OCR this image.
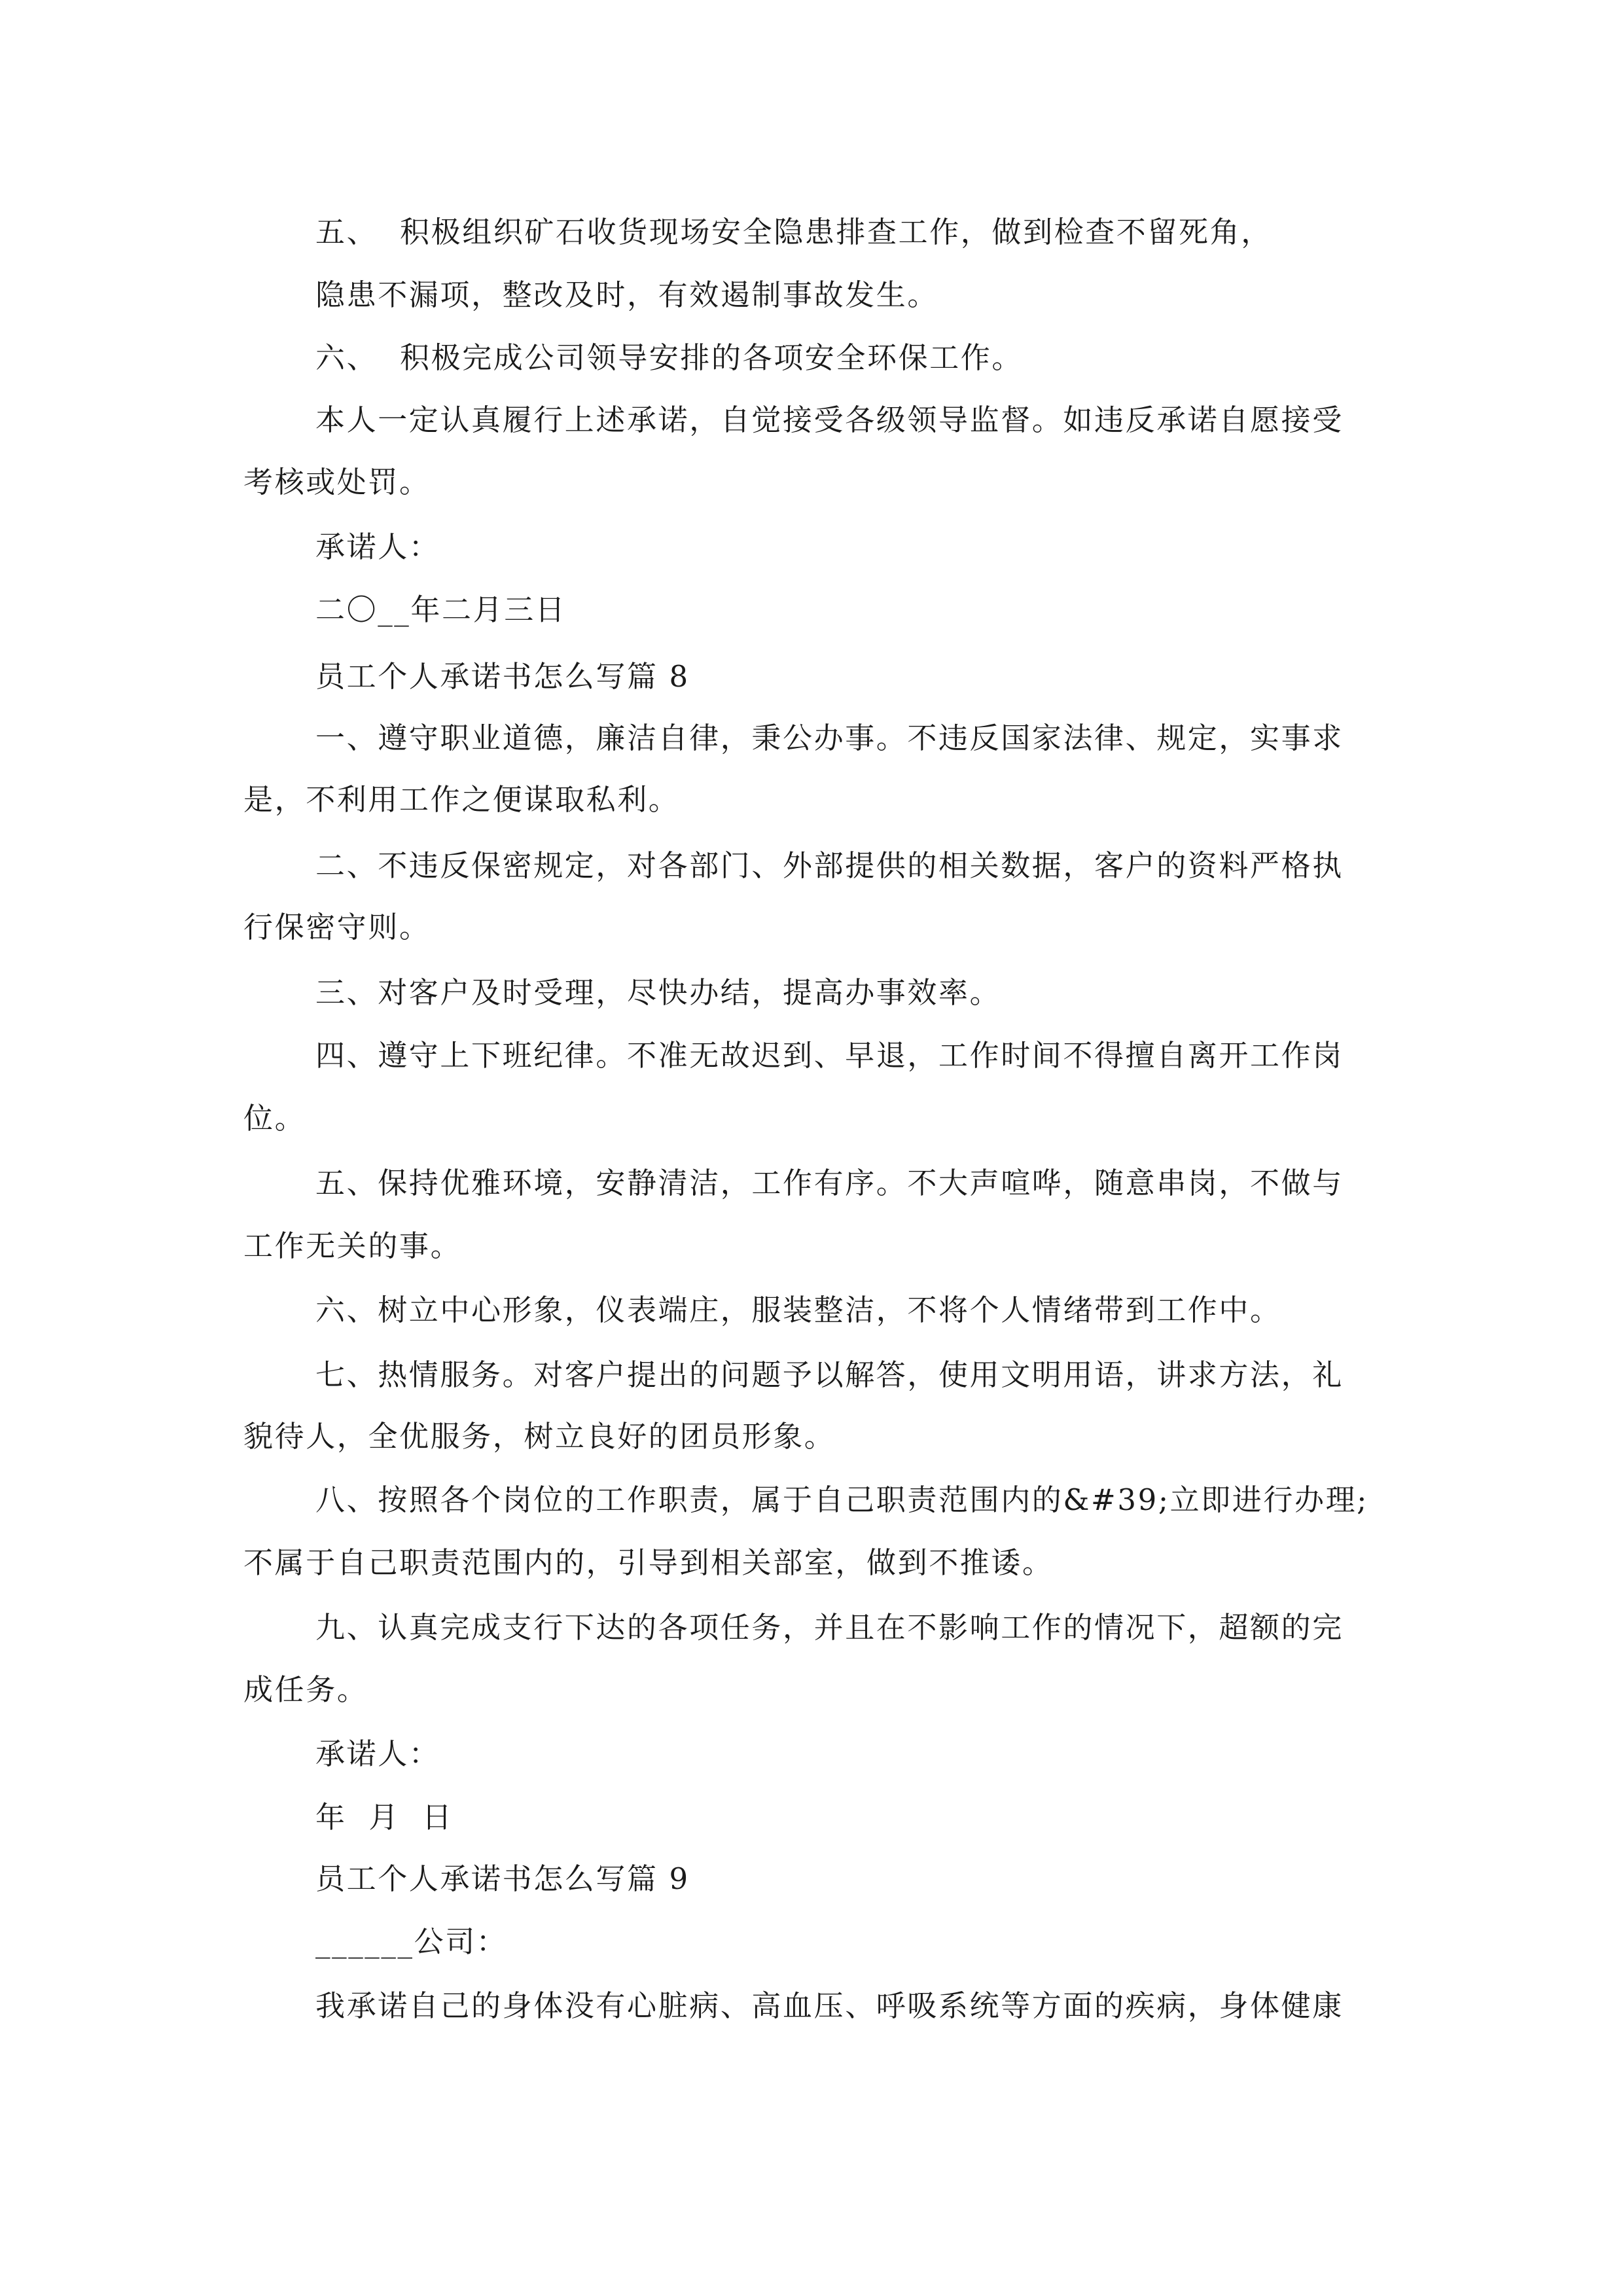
五、  积极组织矿石收货现场安全隐患排查工作，做到检查不留死角，
隐患不漏项，整改及时，有效遏制事故发生。
六、  积极完成公司领导安排的各项安全环保工作。
本人一定认真履行上述承诺，自觉接受各级领导监督。如违反承诺自愿接受
考核或处罚。
承诺人：
二〇__年二月三日
员工个人承诺书怎么写篇 8
一、遵守职业道德，廉洁自律，秉公办事。不违反国家法律、规定，实事求
是，不利用工作之便谋取私利。
二、不违反保密规定，对各部门、外部提供的相关数据，客户的资料严格执
行保密守则。
三、对客户及时受理，尽快办结，提高办事效率。
四、遵守上下班纪律。不准无故迟到、早退，工作时间不得擅自离开工作岗
位。
五、保持优雅环境，安静清洁，工作有序。不大声喧哗，随意串岗，不做与
工作无关的事。
六、树立中心形象，仪表端庄，服装整洁，不将个人情绪带到工作中。
七、热情服务。对客户提出的问题予以解答，使用文明用语，讲求方法，礼
貌待人，全优服务，树立良好的团员形象。
八、按照各个岗位的工作职责，属于自己职责范围内的&#39;立即进行办理;
不属于自己职责范围内的，引导到相关部室，做到不推诿。
九、认真完成支行下达的各项任务，并且在不影响工作的情况下，超额的完
成任务。
承诺人：
年  月  日
员工个人承诺书怎么写篇 9
______公司：
我承诺自己的身体没有心脏病、高血压、呼吸系统等方面的疾病，身体健康
